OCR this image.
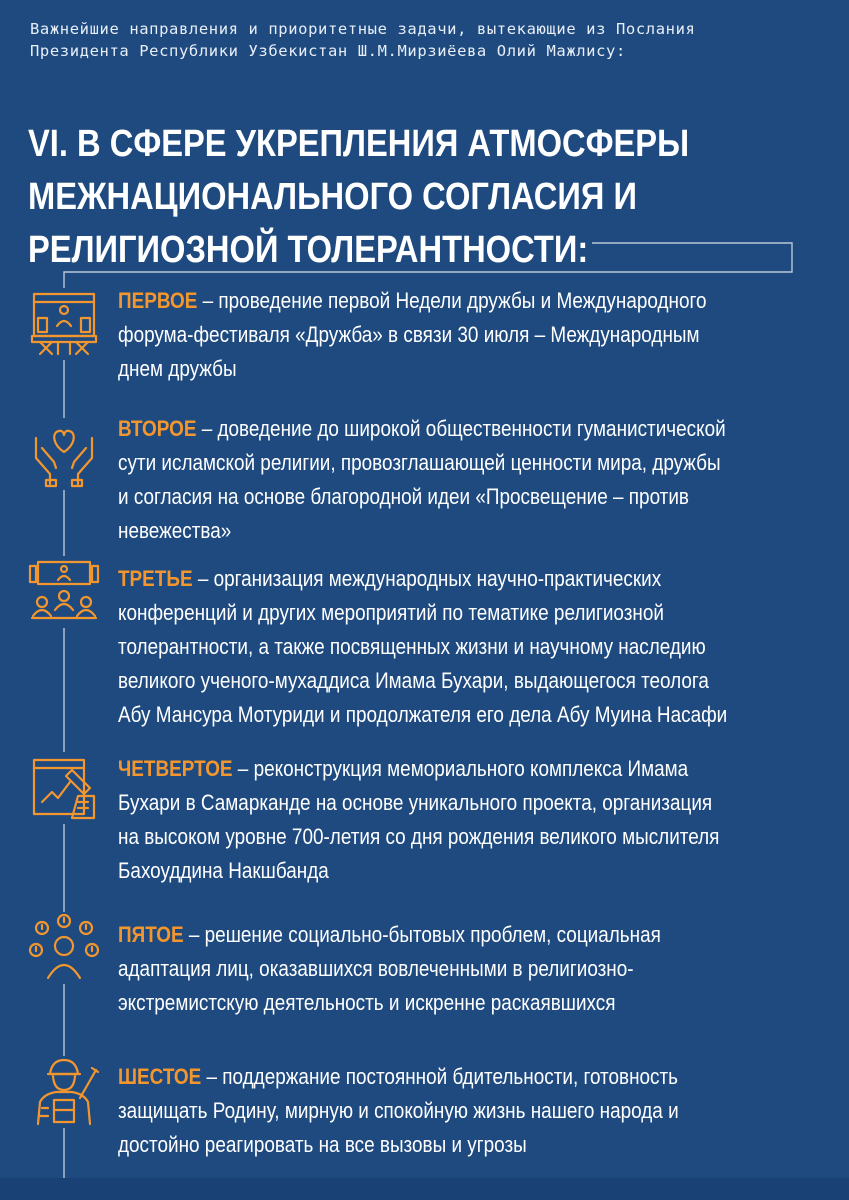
Важнейшие направления и приоритетные задачи, вытекающие из Послания
Президента Республики Узбекистан Ш.М.Мирзиёева Олий Мажлису:
VI. В СФЕРЕ УКРЕПЛЕНИЯ АТМОСФЕРЫ
МЕЖНАЦИОНАЛЬНОГО СОГЛАСИЯ И
РЕЛИГИОЗНОЙ ТОЛЕРАНТНОСТИ:
ПЕРВОЕ – проведение первой Недели дружбы и Международного
форума-фестиваля «Дружба» в связи 30 июля – Международным
днем дружбы
ВТОРОЕ – доведение до широкой общественности гуманистической
сути исламской религии, провозглашающей ценности мира, дружбы
и согласия на основе благородной идеи «Просвещение – против
невежества»
ТРЕТЬЕ – организация международных научно-практических
конференций и других мероприятий по тематике религиозной
толерантности, а также посвященных жизни и научному наследию
великого ученого-мухаддиса Имама Бухари, выдающегося теолога
Абу Мансура Мотуриди и продолжателя его дела Абу Муина Насафи
ЧЕТВЕРТОЕ – реконструкция мемориального комплекса Имама
Бухари в Самарканде на основе уникального проекта, организация
на высоком уровне 700-летия со дня рождения великого мыслителя
Бахоуддина Накшбанда
ПЯТОЕ – решение социально-бытовых проблем, социальная
адаптация лиц, оказавшихся вовлеченными в религиозно-
экстремистскую деятельность и искренне раскаявшихся
ШЕСТОЕ – поддержание постоянной бдительности, готовность
защищать Родину, мирную и спокойную жизнь нашего народа и
достойно реагировать на все вызовы и угрозы
